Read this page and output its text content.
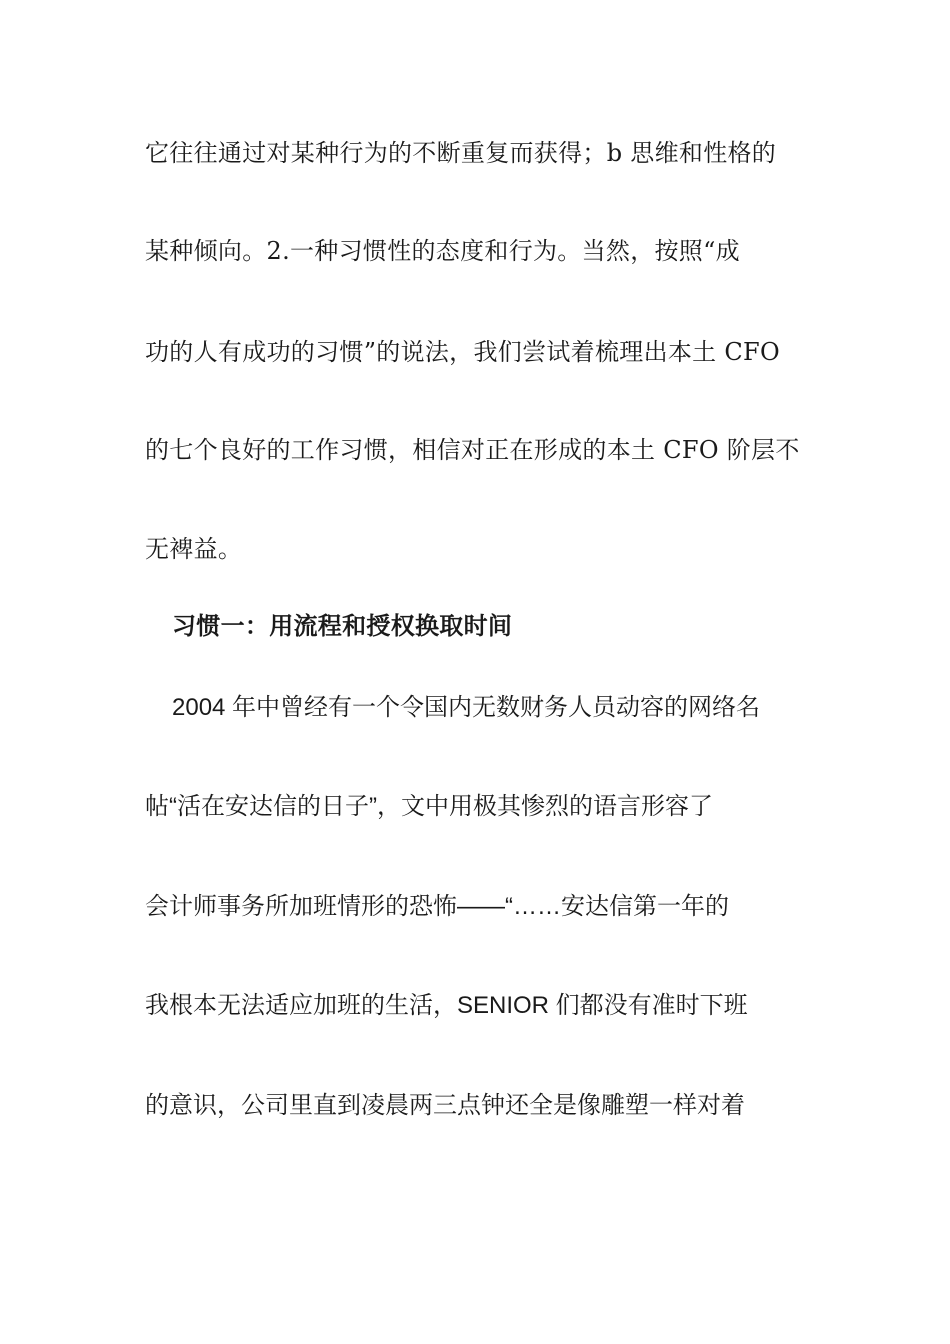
它往往通过对某种行为的不断重复而获得；b 思维和性格的
某种倾向。2.一种习惯性的态度和行为。当然，按照“成
功的人有成功的习惯”的说法，我们尝试着梳理出本土 CFO
的七个良好的工作习惯，相信对正在形成的本土 CFO 阶层不
无裨益。
习惯一：用流程和授权换取时间
2004 年中曾经有一个令国内无数财务人员动容的网络名
帖“活在安达信的日子”，文中用极其惨烈的语言形容了
会计师事务所加班情形的恐怖——“……安达信第一年的
我根本无法适应加班的生活，SENIOR 们都没有准时下班
的意识，公司里直到凌晨两三点钟还全是像雕塑一样对着
